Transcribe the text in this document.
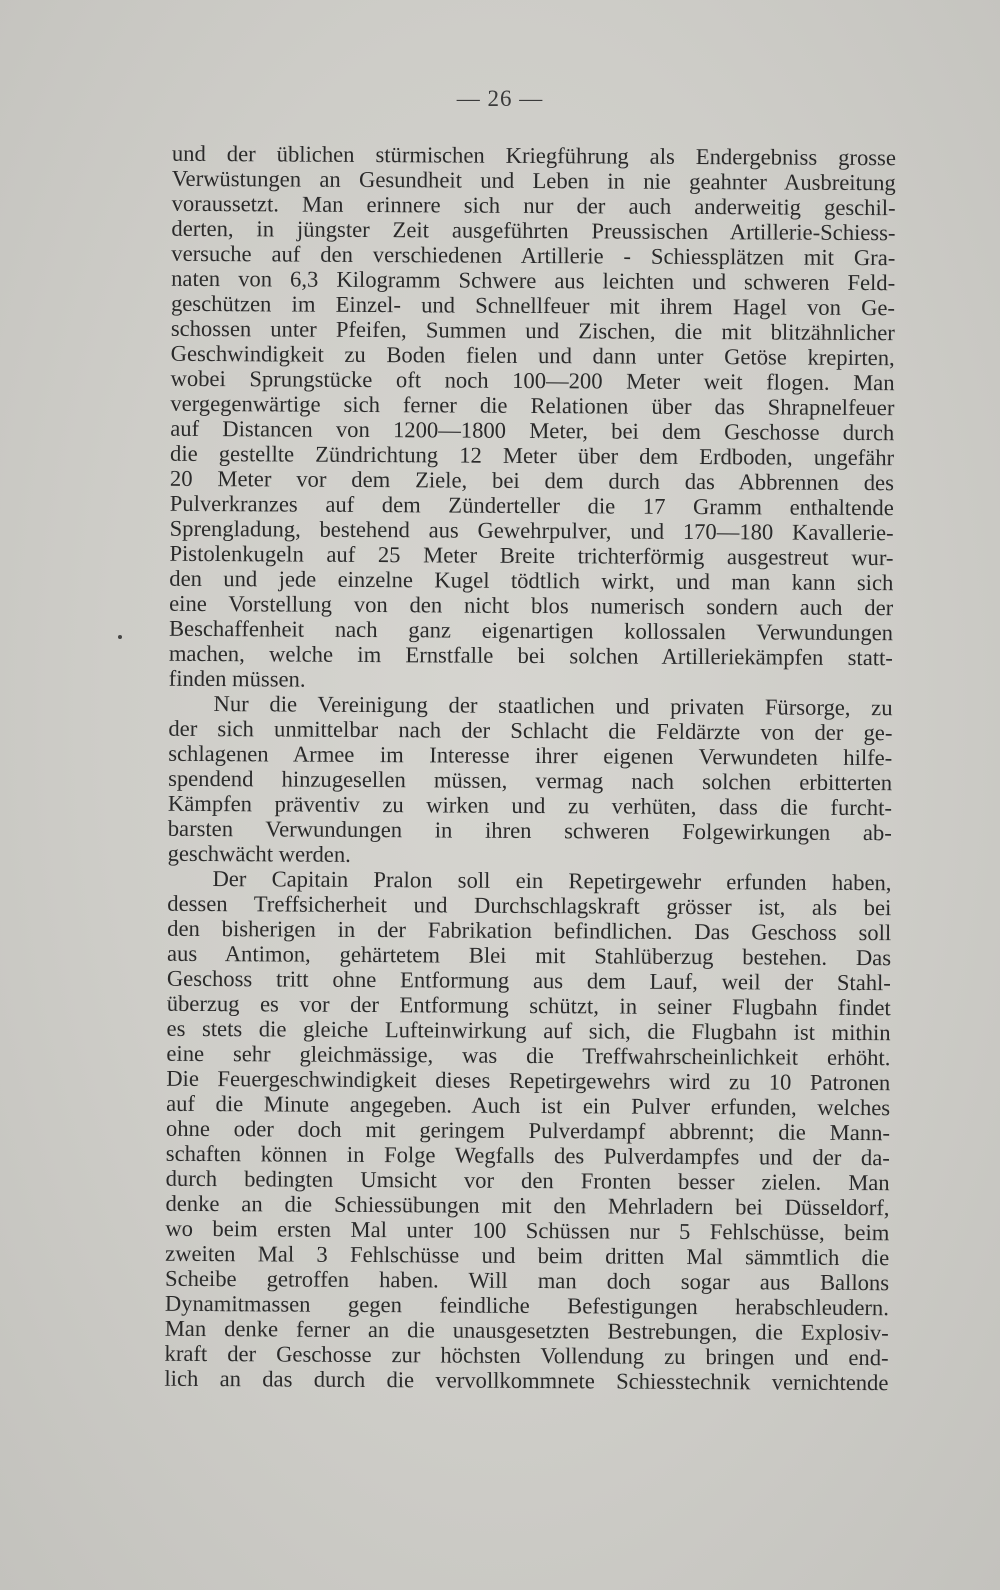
— 26 —
und der üblichen stürmischen Kriegführung als Endergebniss grosse
Verwüstungen an Gesundheit und Leben in nie geahnter Ausbreitung
voraussetzt. Man erinnere sich nur der auch anderweitig geschil-
derten, in jüngster Zeit ausgeführten Preussischen Artillerie-Schiess-
versuche auf den verschiedenen Artillerie - Schiessplätzen mit Gra-
naten von 6,3 Kilogramm Schwere aus leichten und schweren Feld-
geschützen im Einzel- und Schnellfeuer mit ihrem Hagel von Ge-
schossen unter Pfeifen, Summen und Zischen, die mit blitzähnlicher
Geschwindigkeit zu Boden fielen und dann unter Getöse krepirten,
wobei Sprungstücke oft noch 100—200 Meter weit flogen. Man
vergegenwärtige sich ferner die Relationen über das Shrapnelfeuer
auf Distancen von 1200—1800 Meter, bei dem Geschosse durch
die gestellte Zündrichtung 12 Meter über dem Erdboden, ungefähr
20 Meter vor dem Ziele, bei dem durch das Abbrennen des
Pulverkranzes auf dem Zünderteller die 17 Gramm enthaltende
Sprengladung, bestehend aus Gewehrpulver, und 170—180 Kavallerie-
Pistolenkugeln auf 25 Meter Breite trichterförmig ausgestreut wur-
den und jede einzelne Kugel tödtlich wirkt, und man kann sich
eine Vorstellung von den nicht blos numerisch sondern auch der
Beschaffenheit nach ganz eigenartigen kollossalen Verwundungen
machen, welche im Ernstfalle bei solchen Artilleriekämpfen statt-
finden müssen.
Nur die Vereinigung der staatlichen und privaten Fürsorge, zu
der sich unmittelbar nach der Schlacht die Feldärzte von der ge-
schlagenen Armee im Interesse ihrer eigenen Verwundeten hilfe-
spendend hinzugesellen müssen, vermag nach solchen erbitterten
Kämpfen präventiv zu wirken und zu verhüten, dass die furcht-
barsten Verwundungen in ihren schweren Folgewirkungen ab-
geschwächt werden.
Der Capitain Pralon soll ein Repetirgewehr erfunden haben,
dessen Treffsicherheit und Durchschlagskraft grösser ist, als bei
den bisherigen in der Fabrikation befindlichen. Das Geschoss soll
aus Antimon, gehärtetem Blei mit Stahlüberzug bestehen. Das
Geschoss tritt ohne Entformung aus dem Lauf, weil der Stahl-
überzug es vor der Entformung schützt, in seiner Flugbahn findet
es stets die gleiche Lufteinwirkung auf sich, die Flugbahn ist mithin
eine sehr gleichmässige, was die Treffwahrscheinlichkeit erhöht.
Die Feuergeschwindigkeit dieses Repetirgewehrs wird zu 10 Patronen
auf die Minute angegeben. Auch ist ein Pulver erfunden, welches
ohne oder doch mit geringem Pulverdampf abbrennt; die Mann-
schaften können in Folge Wegfalls des Pulverdampfes und der da-
durch bedingten Umsicht vor den Fronten besser zielen. Man
denke an die Schiessübungen mit den Mehrladern bei Düsseldorf,
wo beim ersten Mal unter 100 Schüssen nur 5 Fehlschüsse, beim
zweiten Mal 3 Fehlschüsse und beim dritten Mal sämmtlich die
Scheibe getroffen haben. Will man doch sogar aus Ballons
Dynamitmassen gegen feindliche Befestigungen herabschleudern.
Man denke ferner an die unausgesetzten Bestrebungen, die Explosiv-
kraft der Geschosse zur höchsten Vollendung zu bringen und end-
lich an das durch die vervollkommnete Schiesstechnik vernichtende
